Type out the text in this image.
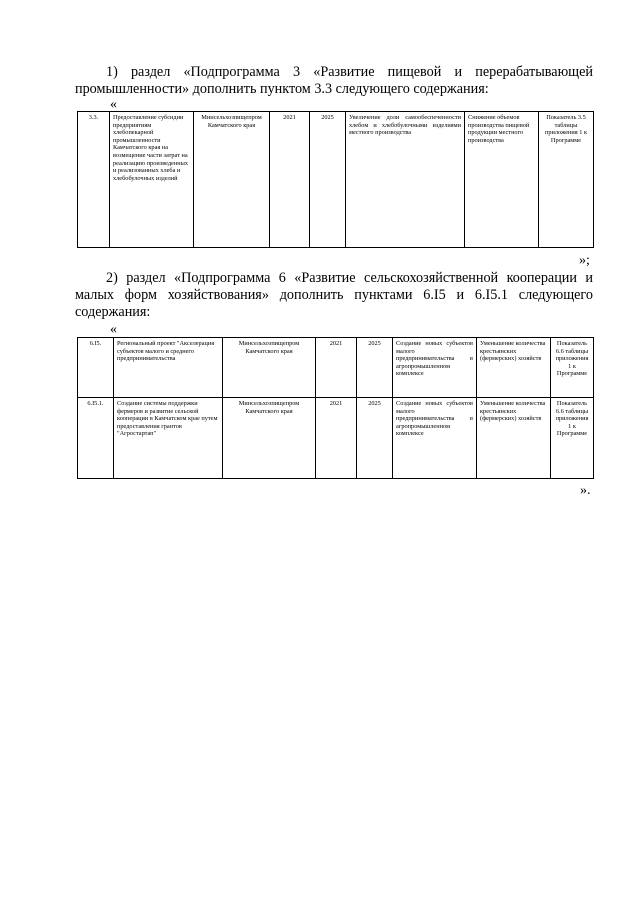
1) раздел «Подпрограмма 3 «Развитие пищевой и перерабатывающей промышленности» дополнить пунктом 3.3 следующего содержания:

«
3.3.	Предоставление субсидии предприятиям хлебопекарной промышленности Камчатского края на возмещение части затрат на реализацию произведенных и реализованных хлеба и хлебобулочных изделий	Минсельхозпищепром Камчатского края	2021	2025	Увеличение доли самообеспеченности хлебом и хлебобулочными изделиями местного производства	Снижение объемов производства пищевой продукции местного производства	Показатель 3.5 таблицы приложения 1 к Программе
»;

2) раздел «Подпрограмма 6 «Развитие сельскохозяйственной кооперации и малых форм хозяйствования» дополнить пунктами 6.I5 и 6.I5.1 следующего содержания:

«
6.I5.	Региональный проект "Акселерация субъектов малого и среднего предпринимательства	Минсельхозпищепром Камчатского края	2021	2025	Создание новых субъектов малого предпринимательства в агропромышленном комплексе	Уменьшение количества крестьянских (фермерских) хозяйств	Показатель 6.6 таблицы приложения 1 к Программе
6.I5.1.	Создание системы поддержки фермеров и развитие сельской кооперации в Камчатском крае путем предоставления грантов "Агростартап"	Минсельхозпищепром Камчатского края	2021	2025	Создание новых субъектов малого предпринимательства в агропромышленном комплексе	Уменьшение количества крестьянских (фермерских) хозяйств	Показатель 6.6 таблицы приложения 1 к Программе
».
